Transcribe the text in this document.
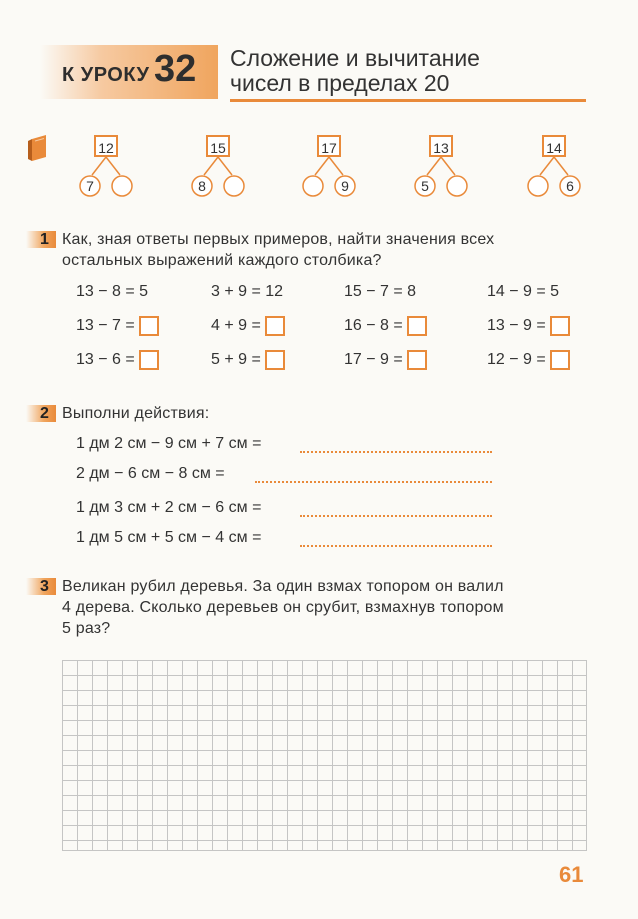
К УРОКУ 32 Сложение и вычитание
чисел в пределах 20
12
7
15
8
17
9
13
5
14
6
1 Как, зная ответы первых примеров, найти значения всех
остальных выражений каждого столбика?
13 − 8 = 5
13 − 7 =
13 − 6 =
3 + 9 = 12
4 + 9 =
5 + 9 =
15 − 7 = 8
16 − 8 =
17 − 9 =
14 − 9 = 5
13 − 9 =
12 − 9 =
2 Выполни действия:
1 дм 2 см − 9 см + 7 см =
2 дм − 6 см − 8 см =
1 дм 3 см + 2 см − 6 см =
1 дм 5 см + 5 см − 4 см =
3 Великан рубил деревья. За один взмах топором он валил
4 дерева. Сколько деревьев он срубит, взмахнув топором
5 раз?
61
